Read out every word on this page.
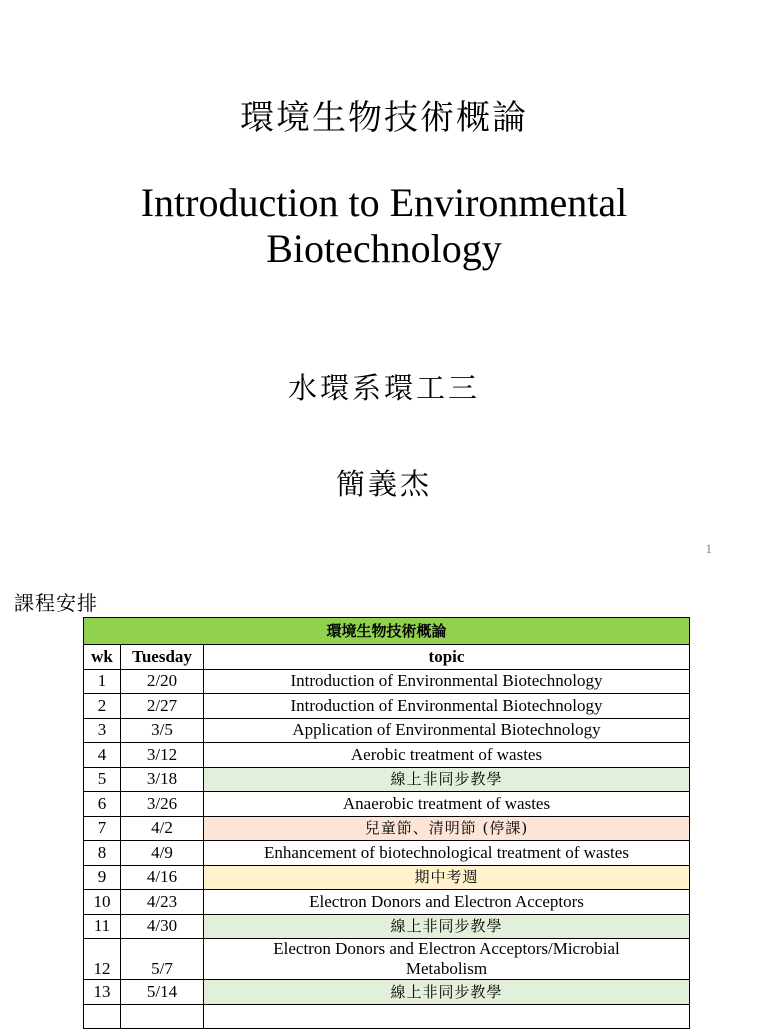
環境生物技術概論
Introduction to Environmental
Biotechnology
水環系環工三
簡義杰
1
課程安排
環境生物技術概論		
wk	Tuesday	topic
1	2/20	Introduction of Environmental Biotechnology
2	2/27	Introduction of Environmental Biotechnology
3	3/5	Application of Environmental Biotechnology
4	3/12	Aerobic treatment of wastes
5	3/18	線上非同步教學
6	3/26	Anaerobic treatment of wastes
7	4/2	兒童節、清明節 (停課)
8	4/9	Enhancement of biotechnological treatment of wastes
9	4/16	期中考週
10	4/23	Electron Donors and Electron Acceptors
11	4/30	線上非同步教學
12	5/7	Electron Donors and Electron Acceptors/Microbial
Metabolism

13	5/14	線上非同步教學
